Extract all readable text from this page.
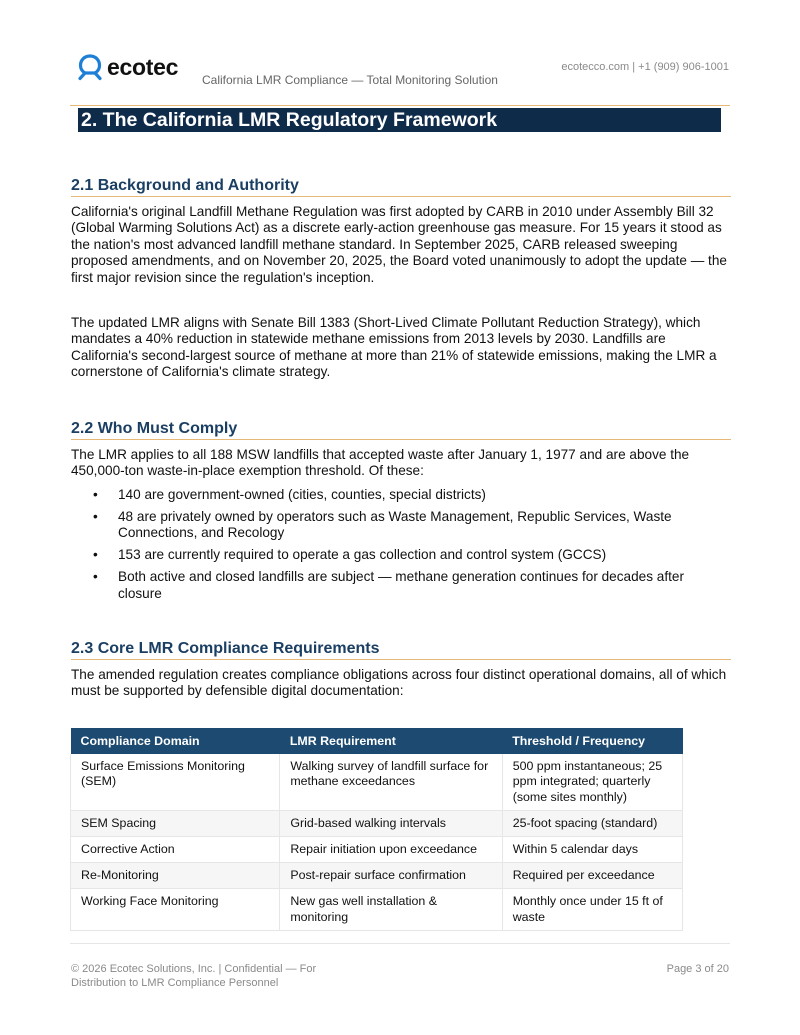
ecotec
California LMR Compliance — Total Monitoring Solution
ecotecco.com | +1 (909) 906-1001
2. The California LMR Regulatory Framework
2.1 Background and Authority
California's original Landfill Methane Regulation was first adopted by CARB in 2010 under Assembly Bill 32 (Global Warming Solutions Act) as a discrete early-action greenhouse gas measure. For 15 years it stood as the nation's most advanced landfill methane standard. In September 2025, CARB released sweeping proposed amendments, and on November 20, 2025, the Board voted unanimously to adopt the update — the first major revision since the regulation's inception.
The updated LMR aligns with Senate Bill 1383 (Short-Lived Climate Pollutant Reduction Strategy), which mandates a 40% reduction in statewide methane emissions from 2013 levels by 2030. Landfills are California's second-largest source of methane at more than 21% of statewide emissions, making the LMR a cornerstone of California's climate strategy.
2.2 Who Must Comply
The LMR applies to all 188 MSW landfills that accepted waste after January 1, 1977 and are above the 450,000-ton waste-in-place exemption threshold. Of these:
• 140 are government-owned (cities, counties, special districts)
• 48 are privately owned by operators such as Waste Management, Republic Services, Waste Connections, and Recology
• 153 are currently required to operate a gas collection and control system (GCCS)
• Both active and closed landfills are subject — methane generation continues for decades after closure
2.3 Core LMR Compliance Requirements
The amended regulation creates compliance obligations across four distinct operational domains, all of which must be supported by defensible digital documentation:
Compliance Domain	LMR Requirement	Threshold / Frequency
Surface Emissions Monitoring (SEM)	Walking survey of landfill surface for methane exceedances	500 ppm instantaneous; 25 ppm integrated; quarterly (some sites monthly)
SEM Spacing	Grid-based walking intervals	25-foot spacing (standard)
Corrective Action	Repair initiation upon exceedance	Within 5 calendar days
Re-Monitoring	Post-repair surface confirmation	Required per exceedance
Working Face Monitoring	New gas well installation & monitoring	Monthly once under 15 ft of waste
© 2026 Ecotec Solutions, Inc. | Confidential — For Distribution to LMR Compliance Personnel
Page 3 of 20
